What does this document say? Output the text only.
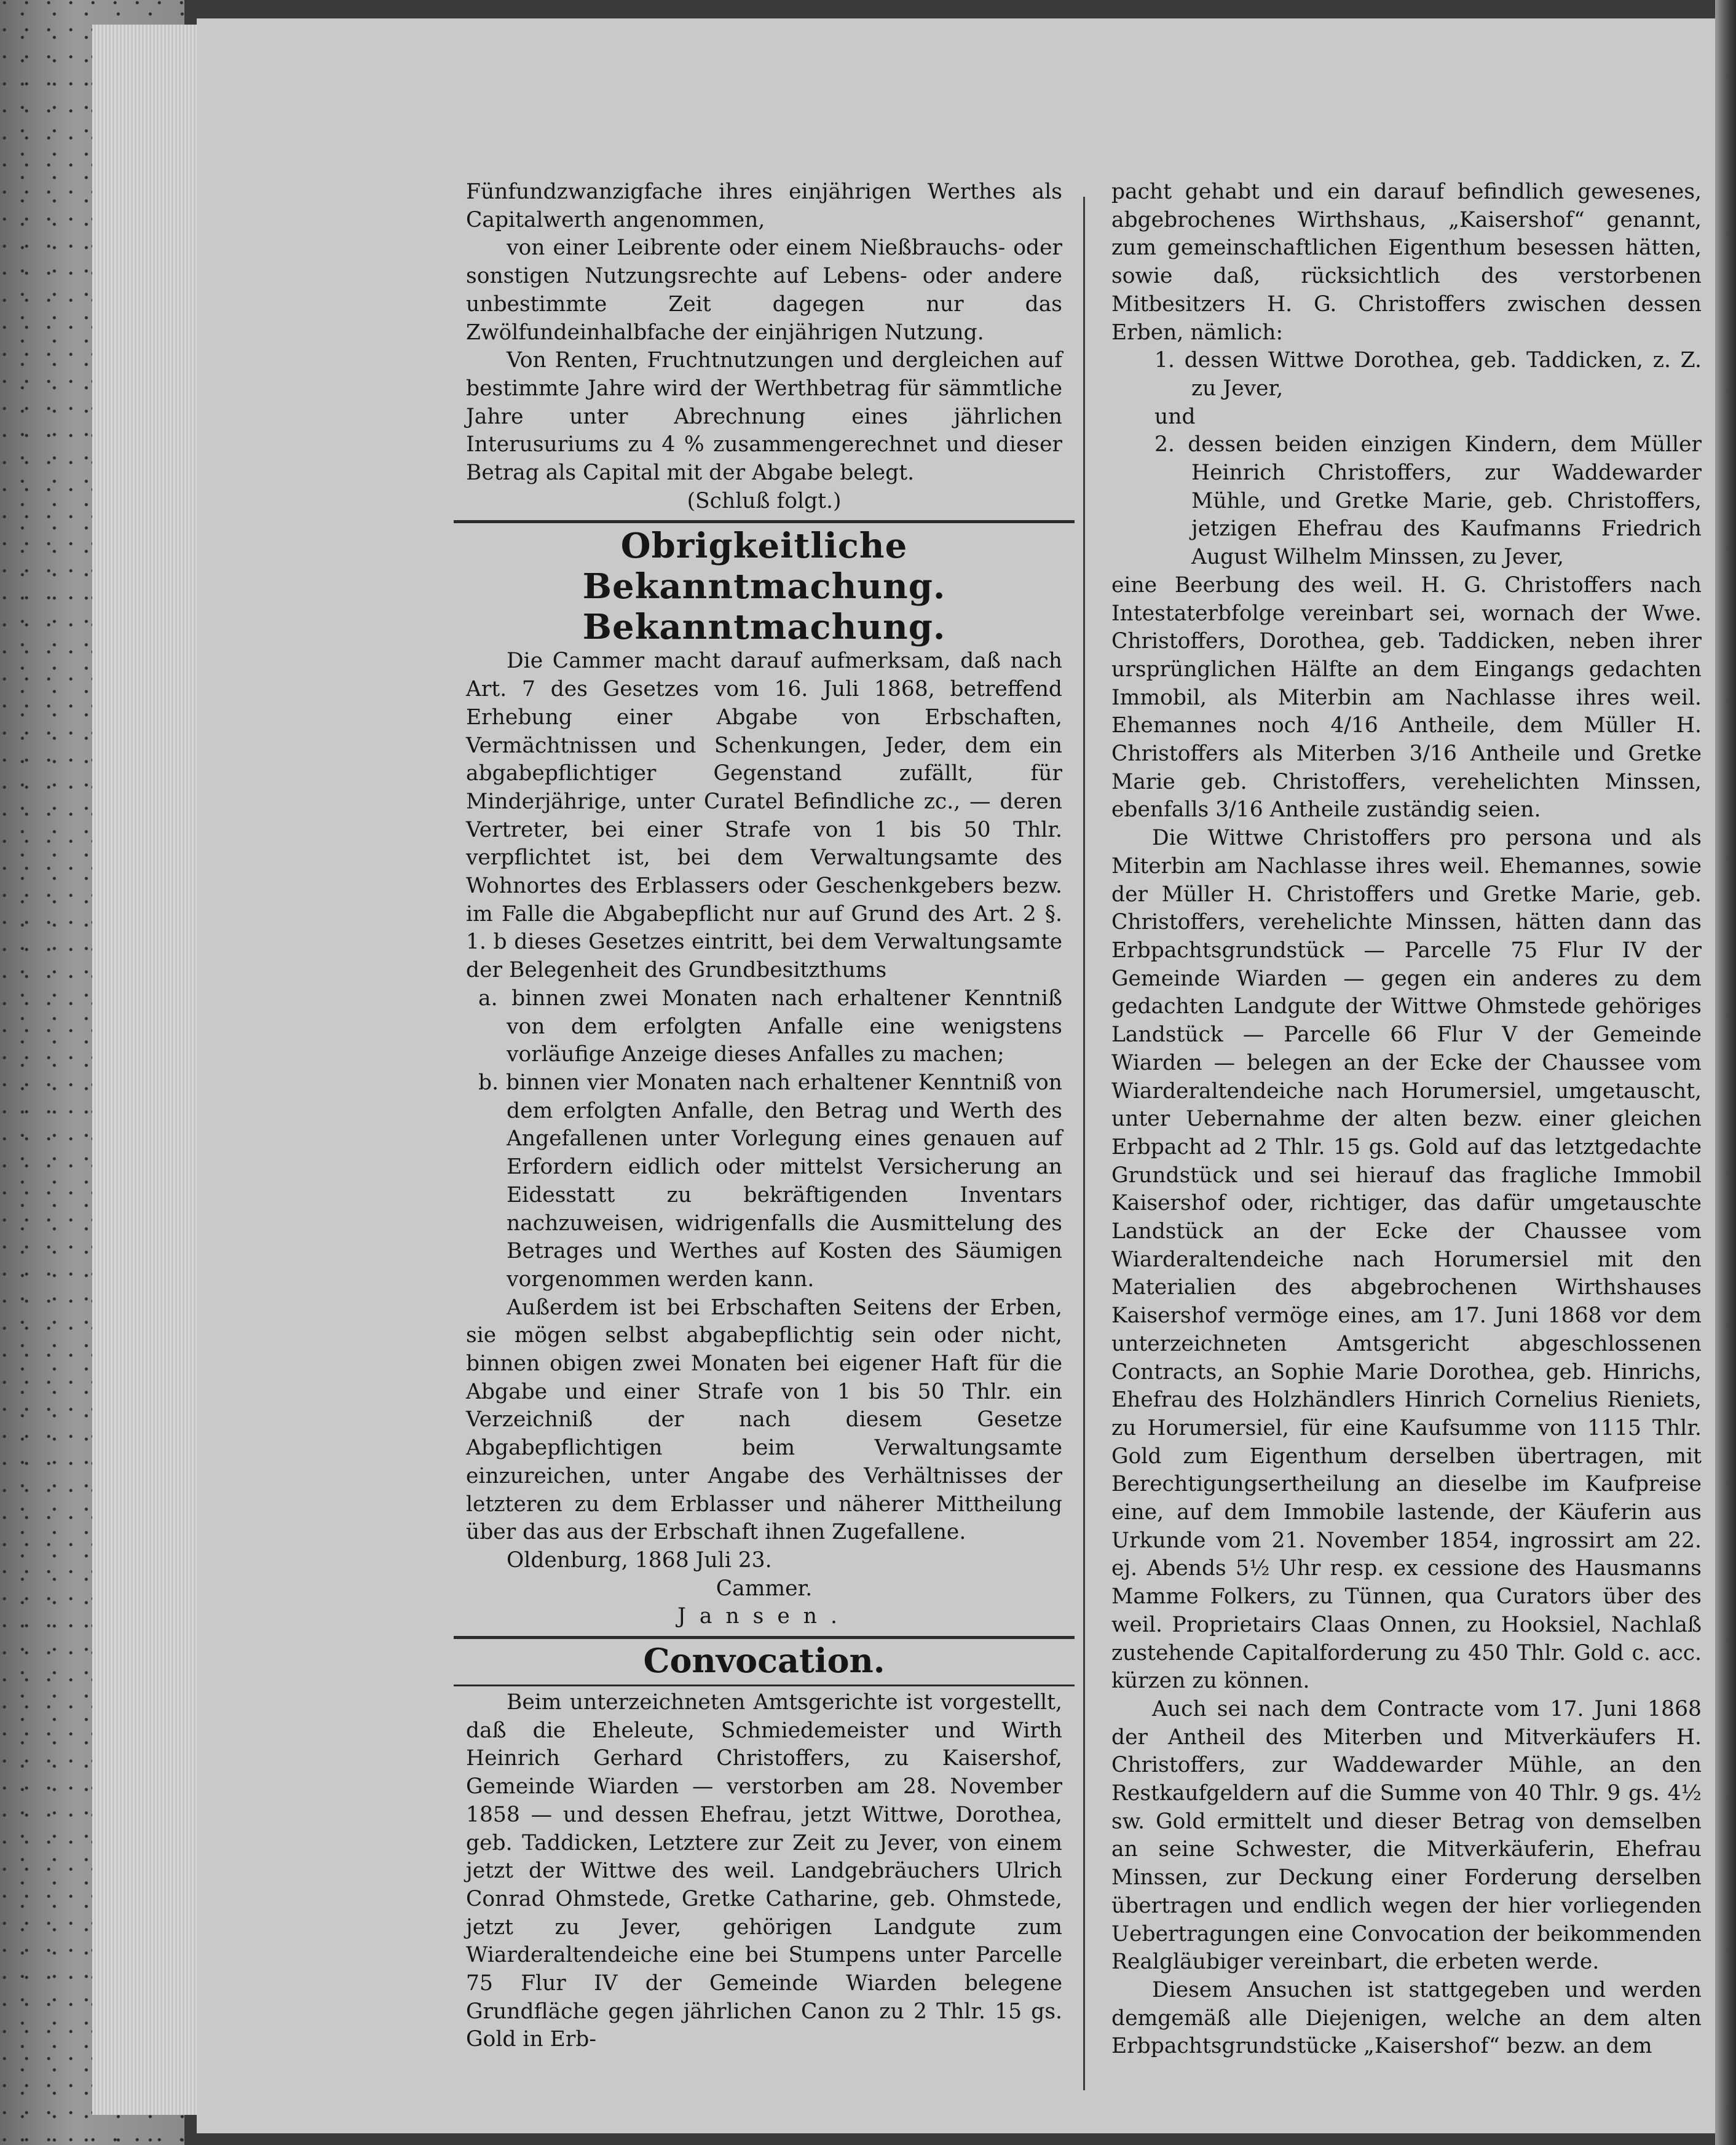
Fünfundzwanzigfache ihres einjährigen Werthes als Capitalwerth angenommen,

von einer Leibrente oder einem Nießbrauchs- oder sonstigen Nutzungsrechte auf Lebens- oder andere unbestimmte Zeit dagegen nur das Zwölfundeinhalbfache der einjährigen Nutzung.

Von Renten, Fruchtnutzungen und dergleichen auf bestimmte Jahre wird der Werthbetrag für sämmtliche Jahre unter Abrechnung eines jährlichen Interusuriums zu 4 % zusammengerechnet und dieser Betrag als Capital mit der Abgabe belegt.

(Schluß folgt.)

Obrigkeitliche Bekanntmachung.
Bekanntmachung.

Die Cammer macht darauf aufmerksam, daß nach Art. 7 des Gesetzes vom 16. Juli 1868, betreffend Erhebung einer Abgabe von Erbschaften, Vermächtnissen und Schenkungen, Jeder, dem ein abgabepflichtiger Gegenstand zufällt, für Minderjährige, unter Curatel Befindliche zc., — deren Vertreter, bei einer Strafe von 1 bis 50 Thlr. verpflichtet ist, bei dem Verwaltungsamte des Wohnortes des Erblassers oder Geschenkgebers bezw. im Falle die Abgabepflicht nur auf Grund des Art. 2 §. 1. b dieses Gesetzes eintritt, bei dem Verwaltungsamte der Belegenheit des Grundbesitzthums

a. binnen zwei Monaten nach erhaltener Kenntniß von dem erfolgten Anfalle eine wenigstens vorläufige Anzeige dieses Anfalles zu machen;
b. binnen vier Monaten nach erhaltener Kenntniß von dem erfolgten Anfalle, den Betrag und Werth des Angefallenen unter Vorlegung eines genauen auf Erfordern eidlich oder mittelst Versicherung an Eidesstatt zu bekräftigenden Inventars nachzuweisen, widrigenfalls die Ausmittelung des Betrages und Werthes auf Kosten des Säumigen vorgenommen werden kann.

Außerdem ist bei Erbschaften Seitens der Erben, sie mögen selbst abgabepflichtig sein oder nicht, binnen obigen zwei Monaten bei eigener Haft für die Abgabe und einer Strafe von 1 bis 50 Thlr. ein Verzeichniß der nach diesem Gesetze Abgabepflichtigen beim Verwaltungsamte einzureichen, unter Angabe des Verhältnisses der letzteren zu dem Erblasser und näherer Mittheilung über das aus der Erbschaft ihnen Zugefallene.

Oldenburg, 1868 Juli 23.

Cammer.

Jansen.

Convocation.

Beim unterzeichneten Amtsgerichte ist vorgestellt, daß die Eheleute, Schmiedemeister und Wirth Heinrich Gerhard Christoffers, zu Kaisershof, Gemeinde Wiarden — verstorben am 28. November 1858 — und dessen Ehefrau, jetzt Wittwe, Dorothea, geb. Taddicken, Letztere zur Zeit zu Jever, von einem jetzt der Wittwe des weil. Landgebräuchers Ulrich Conrad Ohmstede, Gretke Catharine, geb. Ohmstede, jetzt zu Jever, gehörigen Landgute zum Wiarderaltendeiche eine bei Stumpens unter Parcelle 75 Flur IV der Gemeinde Wiarden belegene Grundfläche gegen jährlichen Canon zu 2 Thlr. 15 gs. Gold in Erb-

pacht gehabt und ein darauf befindlich gewesenes, abgebrochenes Wirthshaus, „Kaisershof“ genannt, zum gemeinschaftlichen Eigenthum besessen hätten, sowie daß, rücksichtlich des verstorbenen Mitbesitzers H. G. Christoffers zwischen dessen Erben, nämlich:

1. dessen Wittwe Dorothea, geb. Taddicken, z. Z. zu Jever,
und
2. dessen beiden einzigen Kindern, dem Müller Heinrich Christoffers, zur Waddewarder Mühle, und Gretke Marie, geb. Christoffers, jetzigen Ehefrau des Kaufmanns Friedrich August Wilhelm Minssen, zu Jever,

eine Beerbung des weil. H. G. Christoffers nach Intestaterbfolge vereinbart sei, wornach der Wwe. Christoffers, Dorothea, geb. Taddicken, neben ihrer ursprünglichen Hälfte an dem Eingangs gedachten Immobil, als Miterbin am Nachlasse ihres weil. Ehemannes noch 4/16 Antheile, dem Müller H. Christoffers als Miterben 3/16 Antheile und Gretke Marie geb. Christoffers, verehelichten Minssen, ebenfalls 3/16 Antheile zuständig seien.

Die Wittwe Christoffers pro persona und als Miterbin am Nachlasse ihres weil. Ehemannes, sowie der Müller H. Christoffers und Gretke Marie, geb. Christoffers, verehelichte Minssen, hätten dann das Erbpachtsgrundstück — Parcelle 75 Flur IV der Gemeinde Wiarden — gegen ein anderes zu dem gedachten Landgute der Wittwe Ohmstede gehöriges Landstück — Parcelle 66 Flur V der Gemeinde Wiarden — belegen an der Ecke der Chaussee vom Wiarderaltendeiche nach Horumersiel, umgetauscht, unter Uebernahme der alten bezw. einer gleichen Erbpacht ad 2 Thlr. 15 gs. Gold auf das letztgedachte Grundstück und sei hierauf das fragliche Immobil Kaisershof oder, richtiger, das dafür umgetauschte Landstück an der Ecke der Chaussee vom Wiarderaltendeiche nach Horumersiel mit den Materialien des abgebrochenen Wirthshauses Kaisershof vermöge eines, am 17. Juni 1868 vor dem unterzeichneten Amtsgericht abgeschlossenen Contracts, an Sophie Marie Dorothea, geb. Hinrichs, Ehefrau des Holzhändlers Hinrich Cornelius Rieniets, zu Horumersiel, für eine Kaufsumme von 1115 Thlr. Gold zum Eigenthum derselben übertragen, mit Berechtigungsertheilung an dieselbe im Kaufpreise eine, auf dem Immobile lastende, der Käuferin aus Urkunde vom 21. November 1854, ingrossirt am 22. ej. Abends 5½ Uhr resp. ex cessione des Hausmanns Mamme Folkers, zu Tünnen, qua Curators über des weil. Proprietairs Claas Onnen, zu Hooksiel, Nachlaß zustehende Capitalforderung zu 450 Thlr. Gold c. acc. kürzen zu können.

Auch sei nach dem Contracte vom 17. Juni 1868 der Antheil des Miterben und Mitverkäufers H. Christoffers, zur Waddewarder Mühle, an den Restkaufgeldern auf die Summe von 40 Thlr. 9 gs. 4½ sw. Gold ermittelt und dieser Betrag von demselben an seine Schwester, die Mitverkäuferin, Ehefrau Minssen, zur Deckung einer Forderung derselben übertragen und endlich wegen der hier vorliegenden Uebertragungen eine Convocation der beikommenden Realgläubiger vereinbart, die erbeten werde.

Diesem Ansuchen ist stattgegeben und werden demgemäß alle Diejenigen, welche an dem alten Erbpachtsgrundstücke „Kaisershof“ bezw. an dem
